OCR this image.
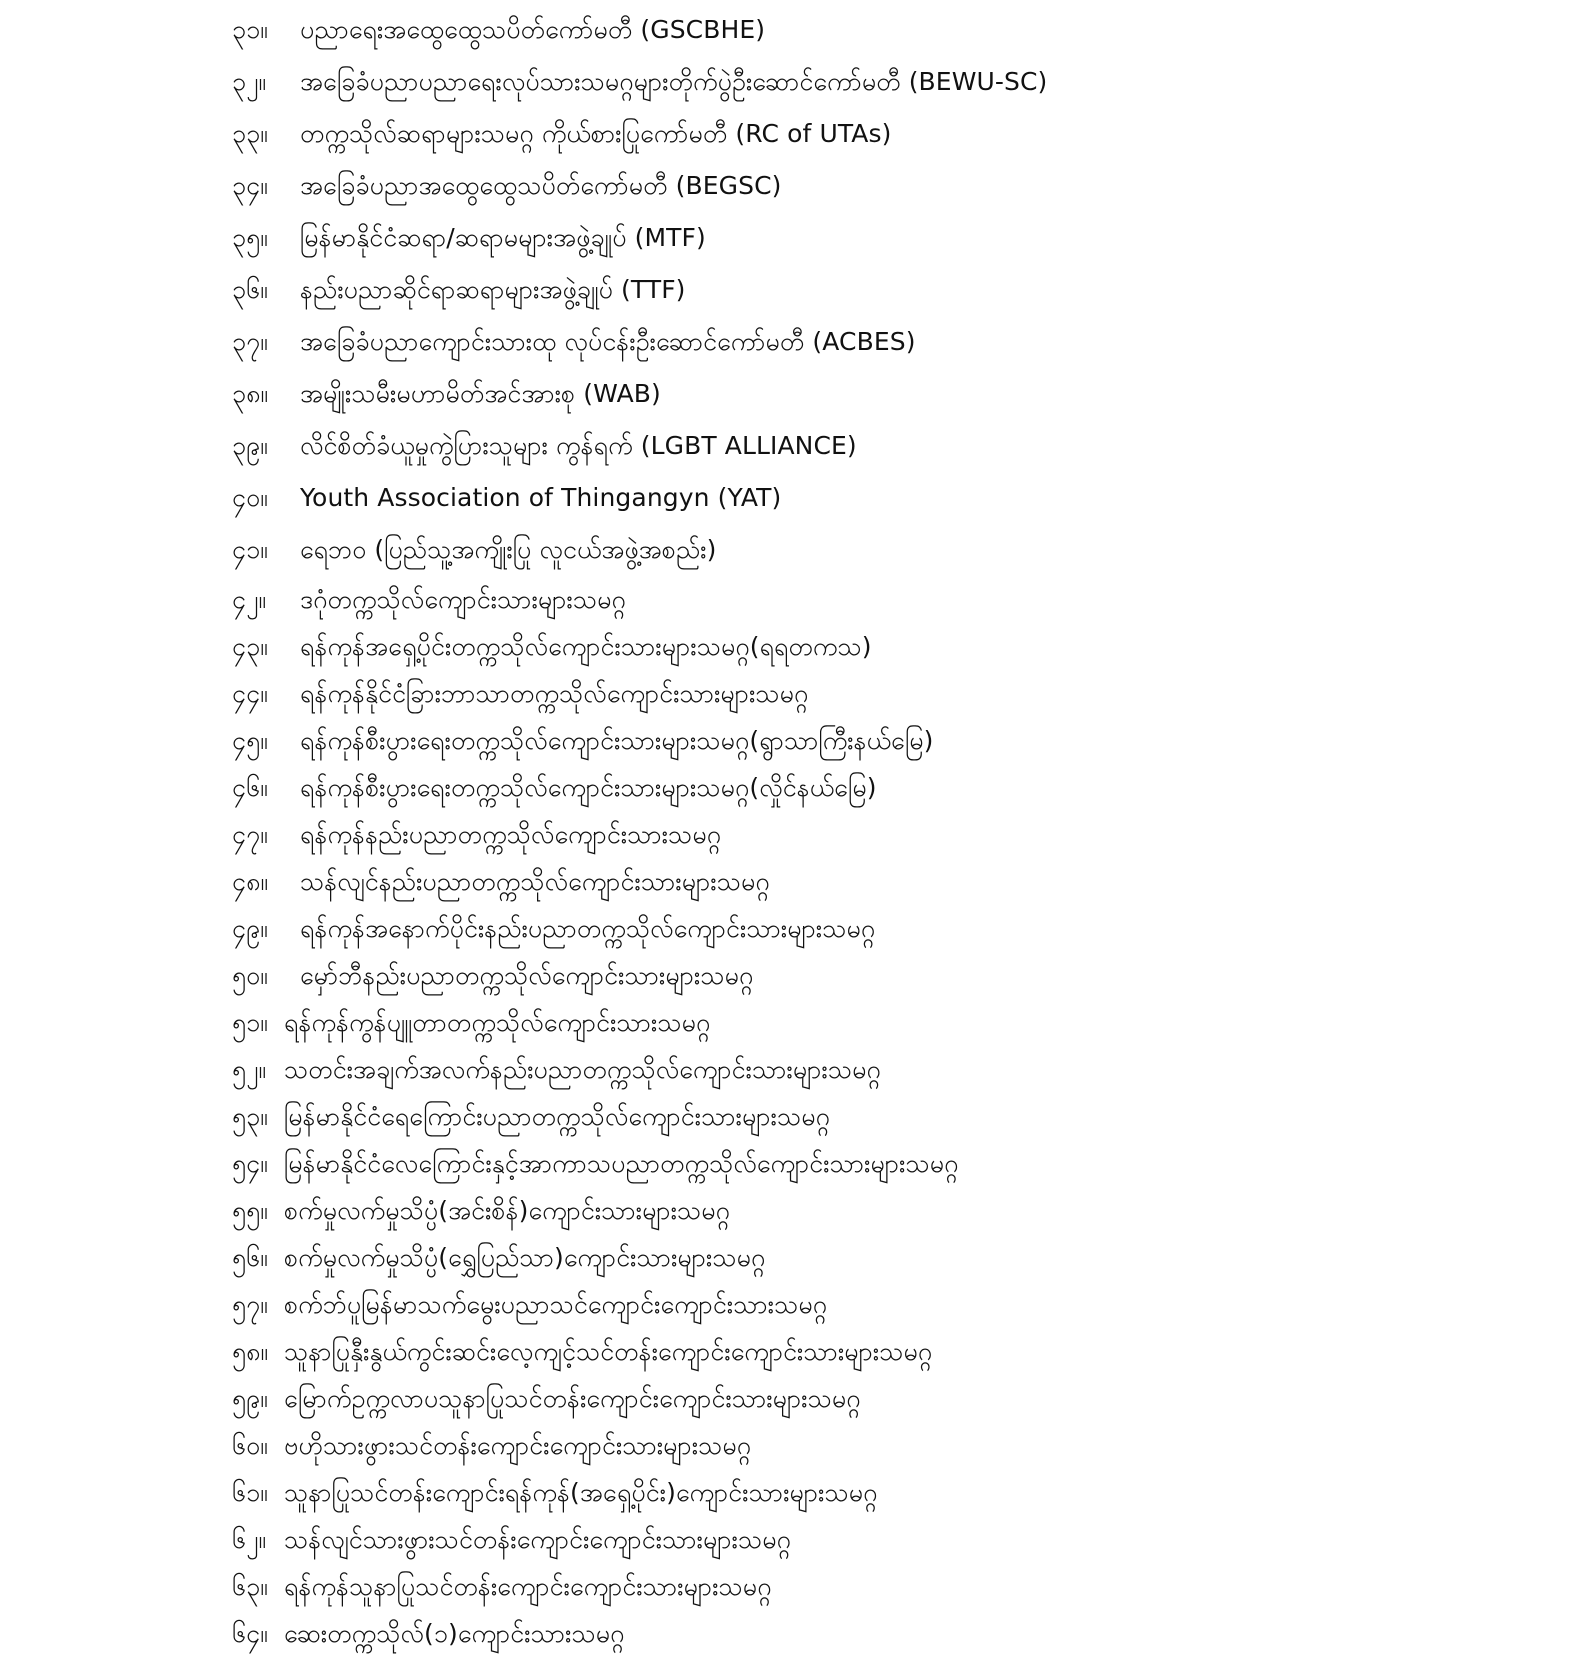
၃၁။	ပညာရေးအထွေထွေသပိတ်ကော်မတီ (GSCBHE)
၃၂။	အခြေခံပညာပညာရေးလုပ်သားသမဂ္ဂများတိုက်ပွဲဦးဆောင်ကော်မတီ (BEWU-SC)
၃၃။	တက္ကသိုလ်ဆရာများသမဂ္ဂ ကိုယ်စားပြုကော်မတီ (RC of UTAs)
၃၄။	အခြေခံပညာအထွေထွေသပိတ်ကော်မတီ (BEGSC)
၃၅။	မြန်မာနိုင်ငံဆရာ/ဆရာမများအဖွဲ့ချုပ် (MTF)
၃၆။	နည်းပညာဆိုင်ရာဆရာများအဖွဲ့ချုပ် (TTF)
၃၇။	အခြေခံပညာကျောင်းသားထု လုပ်ငန်းဦးဆောင်ကော်မတီ (ACBES)
၃၈။	အမျိုးသမီးမဟာမိတ်အင်အားစု (WAB)
၃၉။	လိင်စိတ်ခံယူမှုကွဲပြားသူများ ကွန်ရက် (LGBT ALLIANCE)
၄၀။	Youth Association of Thingangyn (YAT)
၄၁။	ရေဘဝ (ပြည်သူ့အကျိုးပြု လူငယ်အဖွဲ့အစည်း)
၄၂။	ဒဂုံတက္ကသိုလ်ကျောင်းသားများသမဂ္ဂ
၄၃။	ရန်ကုန်အရှေ့ပိုင်းတက္ကသိုလ်ကျောင်းသားများသမဂ္ဂ(ရရတကသ)
၄၄။	ရန်ကုန်နိုင်ငံခြားဘာသာတက္ကသိုလ်ကျောင်းသားများသမဂ္ဂ
၄၅။	ရန်ကုန်စီးပွားရေးတက္ကသိုလ်ကျောင်းသားများသမဂ္ဂ(ရွာသာကြီးနယ်မြေ)
၄၆။	ရန်ကုန်စီးပွားရေးတက္ကသိုလ်ကျောင်းသားများသမဂ္ဂ(လှိုင်နယ်မြေ)
၄၇။	ရန်ကုန်နည်းပညာတက္ကသိုလ်ကျောင်းသားသမဂ္ဂ
၄၈။	သန်လျင်နည်းပညာတက္ကသိုလ်ကျောင်းသားများသမဂ္ဂ
၄၉။	ရန်ကုန်အနောက်ပိုင်းနည်းပညာတက္ကသိုလ်ကျောင်းသားများသမဂ္ဂ
၅၀။	မှော်ဘီနည်းပညာတက္ကသိုလ်ကျောင်းသားများသမဂ္ဂ
၅၁။ ရန်ကုန်ကွန်ပျူတာတက္ကသိုလ်ကျောင်းသားသမဂ္ဂ
၅၂။ သတင်းအချက်အလက်နည်းပညာတက္ကသိုလ်ကျောင်းသားများသမဂ္ဂ
၅၃။ မြန်မာနိုင်ငံရေကြောင်းပညာတက္ကသိုလ်ကျောင်းသားများသမဂ္ဂ
၅၄။ မြန်မာနိုင်ငံလေကြောင်းနှင့်အာကာသပညာတက္ကသိုလ်ကျောင်းသားများသမဂ္ဂ
၅၅။ စက်မှုလက်မှုသိပ္ပံ(အင်းစိန်)ကျောင်းသားများသမဂ္ဂ
၅၆။ စက်မှုလက်မှုသိပ္ပံ(ရွှေပြည်သာ)ကျောင်းသားများသမဂ္ဂ
၅၇။ စက်ဘ်ပူမြန်မာသက်မွေးပညာသင်ကျောင်းကျောင်းသားသမဂ္ဂ
၅၈။ သူနာပြုနှီးနွယ်ကွင်းဆင်းလေ့ကျင့်သင်တန်းကျောင်းကျောင်းသားများသမဂ္ဂ
၅၉။ မြောက်ဥက္ကလာပသူနာပြုသင်တန်းကျောင်းကျောင်းသားများသမဂ္ဂ
၆၀။ ဗဟိုသားဖွားသင်တန်းကျောင်းကျောင်းသားများသမဂ္ဂ
၆၁။ သူနာပြုသင်တန်းကျောင်းရန်ကုန်(အရှေ့ပိုင်း)ကျောင်းသားများသမဂ္ဂ
၆၂။ သန်လျင်သားဖွားသင်တန်းကျောင်းကျောင်းသားများသမဂ္ဂ
၆၃။ ရန်ကုန်သူနာပြုသင်တန်းကျောင်းကျောင်းသားများသမဂ္ဂ
၆၄။ ဆေးတက္ကသိုလ်(၁)ကျောင်းသားသမဂ္ဂ
